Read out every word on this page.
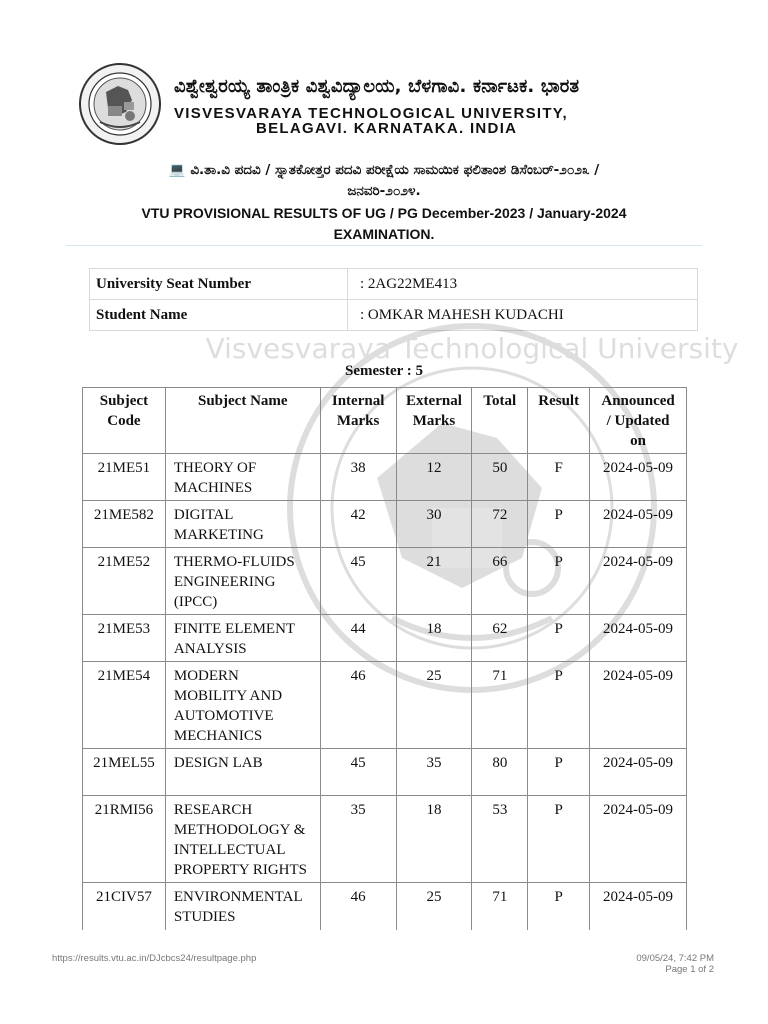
ವಿಶ್ವೇಶ್ವರಯ್ಯ ತಾಂತ್ರಿಕ ವಿಶ್ವವಿದ್ಯಾಲಯ, ಬೆಳಗಾವಿ. ಕರ್ನಾಟಕ. ಭಾರತ
VISVESVARAYA TECHNOLOGICAL UNIVERSITY,
BELAGAVI. KARNATAKA. INDIA
💻 ವಿ.ತಾ.ವಿ ಪದವಿ / ಸ್ನಾತಕೋತ್ತರ ಪದವಿ ಪರೀಕ್ಷೆಯ ಸಾಮಯಿಕ ಫಲಿತಾಂಶ ಡಿಸೆಂಬರ್-೨೦೨೩ /
ಜನವರಿ-೨೦೨೪.
VTU PROVISIONAL RESULTS OF UG / PG December-2023 / January-2024
EXAMINATION.
University Seat Number	: 2AG22ME413
Student Name	: OMKAR MAHESH KUDACHI
Visvesvaraya Technological University
Semester : 5
Subject
Code	Subject Name	Internal
Marks	External
Marks	Total	Result	Announced
/ Updated
on
21ME51	THEORY OF MACHINES	38	12	50	F	2024-05-09
21ME582	DIGITAL MARKETING	42	30	72	P	2024-05-09
21ME52	THERMO-FLUIDS ENGINEERING (IPCC)	45	21	66	P	2024-05-09
21ME53	FINITE ELEMENT ANALYSIS	44	18	62	P	2024-05-09
21ME54	MODERN MOBILITY AND AUTOMOTIVE MECHANICS	46	25	71	P	2024-05-09
21MEL55	DESIGN LAB	45	35	80	P	2024-05-09
21RMI56	RESEARCH METHODOLOGY & INTELLECTUAL PROPERTY RIGHTS	35	18	53	P	2024-05-09
21CIV57	ENVIRONMENTAL STUDIES	46	25	71	P	2024-05-09
https://results.vtu.ac.in/DJcbcs24/resultpage.php	09/05/24, 7:42 PM
Page 1 of 2
